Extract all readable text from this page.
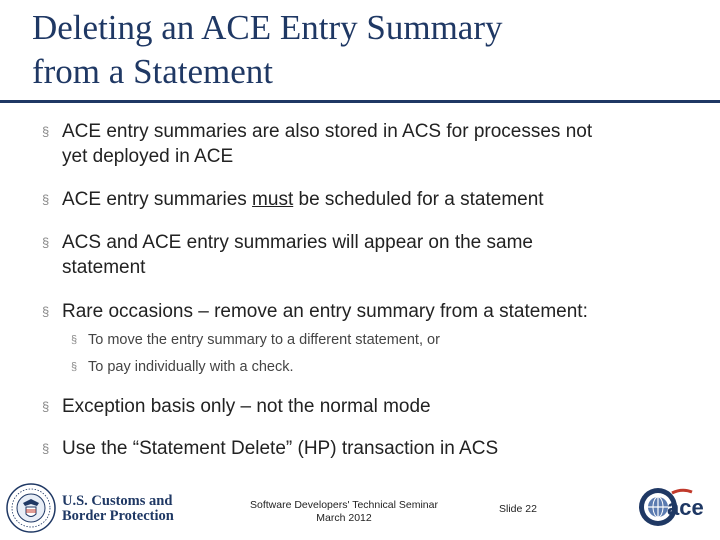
Deleting an ACE Entry Summary
from a Statement
§ ACE entry summaries are also stored in ACS for processes not
yet deployed in ACE
§ ACE entry summaries must be scheduled for a statement
§ ACS and ACE entry summaries will appear on the same
statement
§ Rare occasions – remove an entry summary from a statement:
§ To move the entry summary to a different statement, or
§ To pay individually with a check.
§ Exception basis only – not the normal mode
§ Use the “Statement Delete” (HP) transaction in ACS
U.S. Customs and
Border Protection
Software Developers' Technical Seminar
March 2012
Slide 22	ace
